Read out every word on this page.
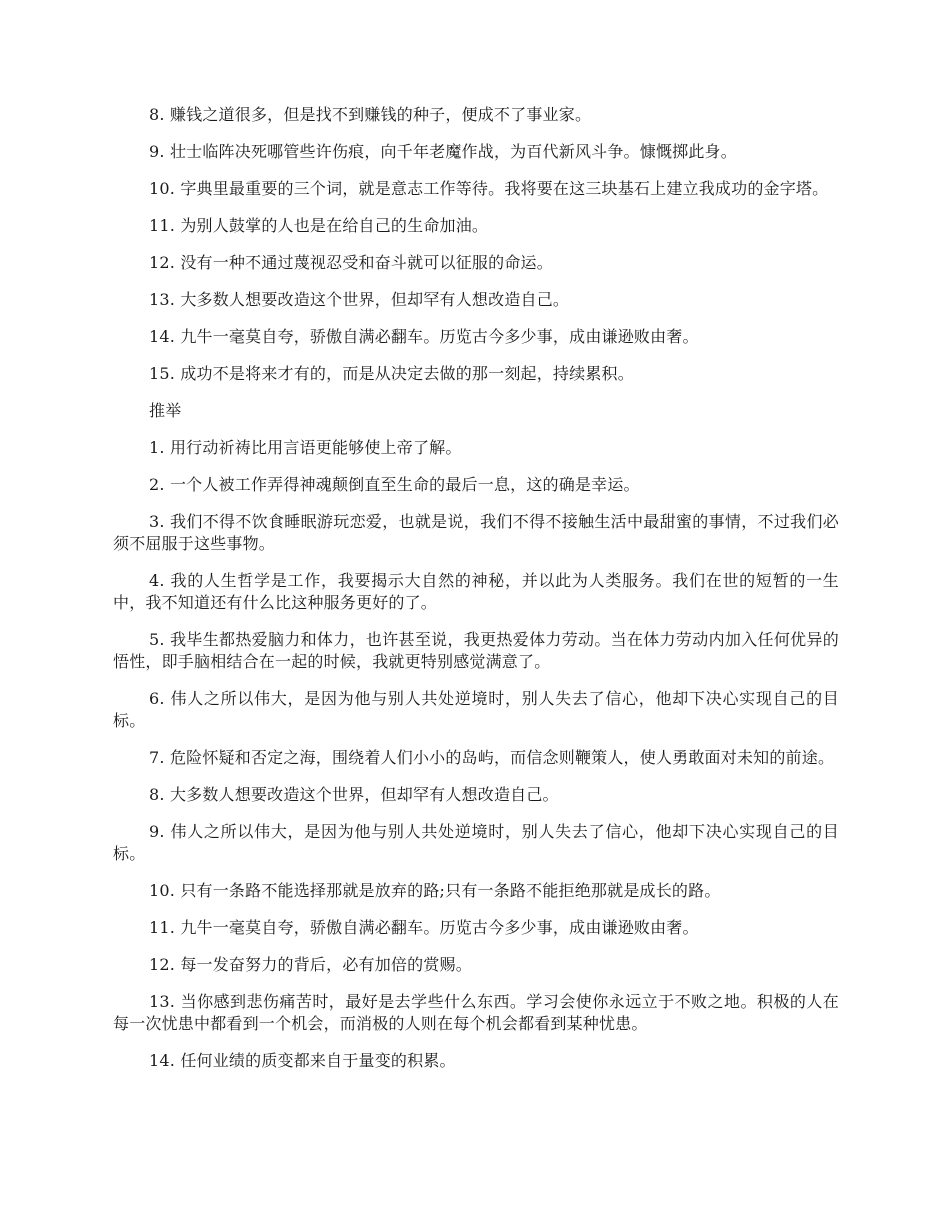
8. 赚钱之道很多，但是找不到赚钱的种子，便成不了事业家。

9. 壮士临阵决死哪管些许伤痕，向千年老魔作战，为百代新风斗争。慷慨掷此身。

10. 字典里最重要的三个词，就是意志工作等待。我将要在这三块基石上建立我成功的金字塔。

11. 为别人鼓掌的人也是在给自己的生命加油。

12. 没有一种不通过蔑视忍受和奋斗就可以征服的命运。

13. 大多数人想要改造这个世界，但却罕有人想改造自己。

14. 九牛一毫莫自夸，骄傲自满必翻车。历览古今多少事，成由谦逊败由奢。

15. 成功不是将来才有的，而是从决定去做的那一刻起，持续累积。

推举

1. 用行动祈祷比用言语更能够使上帝了解。

2. 一个人被工作弄得神魂颠倒直至生命的最后一息，这的确是幸运。

3. 我们不得不饮食睡眠游玩恋爱，也就是说，我们不得不接触生活中最甜蜜的事情，不过我们必须不屈服于这些事物。

4. 我的人生哲学是工作，我要揭示大自然的神秘，并以此为人类服务。我们在世的短暂的一生中，我不知道还有什么比这种服务更好的了。

5. 我毕生都热爱脑力和体力，也许甚至说，我更热爱体力劳动。当在体力劳动内加入任何优异的悟性，即手脑相结合在一起的时候，我就更特别感觉满意了。

6. 伟人之所以伟大，是因为他与别人共处逆境时，别人失去了信心，他却下决心实现自己的目标。

7. 危险怀疑和否定之海，围绕着人们小小的岛屿，而信念则鞭策人，使人勇敢面对未知的前途。

8. 大多数人想要改造这个世界，但却罕有人想改造自己。

9. 伟人之所以伟大，是因为他与别人共处逆境时，别人失去了信心，他却下决心实现自己的目标。

10. 只有一条路不能选择那就是放弃的路;只有一条路不能拒绝那就是成长的路。

11. 九牛一毫莫自夸，骄傲自满必翻车。历览古今多少事，成由谦逊败由奢。

12. 每一发奋努力的背后，必有加倍的赏赐。

13. 当你感到悲伤痛苦时，最好是去学些什么东西。学习会使你永远立于不败之地。积极的人在每一次忧患中都看到一个机会，而消极的人则在每个机会都看到某种忧患。

14. 任何业绩的质变都来自于量变的积累。
